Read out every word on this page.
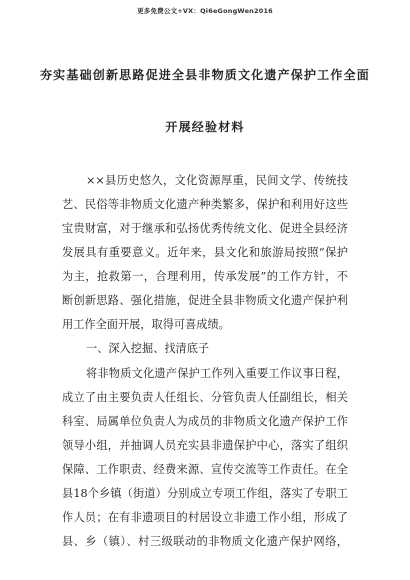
更多免费公文+VX：Qi6eGongWen2016
夯实基础创新思路促进全县非物质文化遗产保护工作全面
开展经验材料
××县历史悠久，文化资源厚重，民间文学、传统技
艺、民俗等非物质文化遗产种类繁多，保护和利用好这些
宝贵财富，对于继承和弘扬优秀传统文化、促进全县经济
发展具有重要意义。近年来，县文化和旅游局按照“保护
为主，抢救第一，合理利用，传承发展”的工作方针，不
断创新思路、强化措施，促进全县非物质文化遗产保护利
用工作全面开展，取得可喜成绩。
一、深入挖掘、找清底子
将非物质文化遗产保护工作列入重要工作议事日程，
成立了由主要负责人任组长、分管负责人任副组长，相关
科室、局属单位负责人为成员的非物质文化遗产保护工作
领导小组，并抽调人员充实县非遗保护中心，落实了组织
保障、工作职责、经费来源、宣传交流等工作责任。在全
县18个乡镇（街道）分别成立专项工作组，落实了专职工
作人员；在有非遗项目的村居设立非遗工作小组，形成了
县、乡（镇）、村三级联动的非物质文化遗产保护网络，
